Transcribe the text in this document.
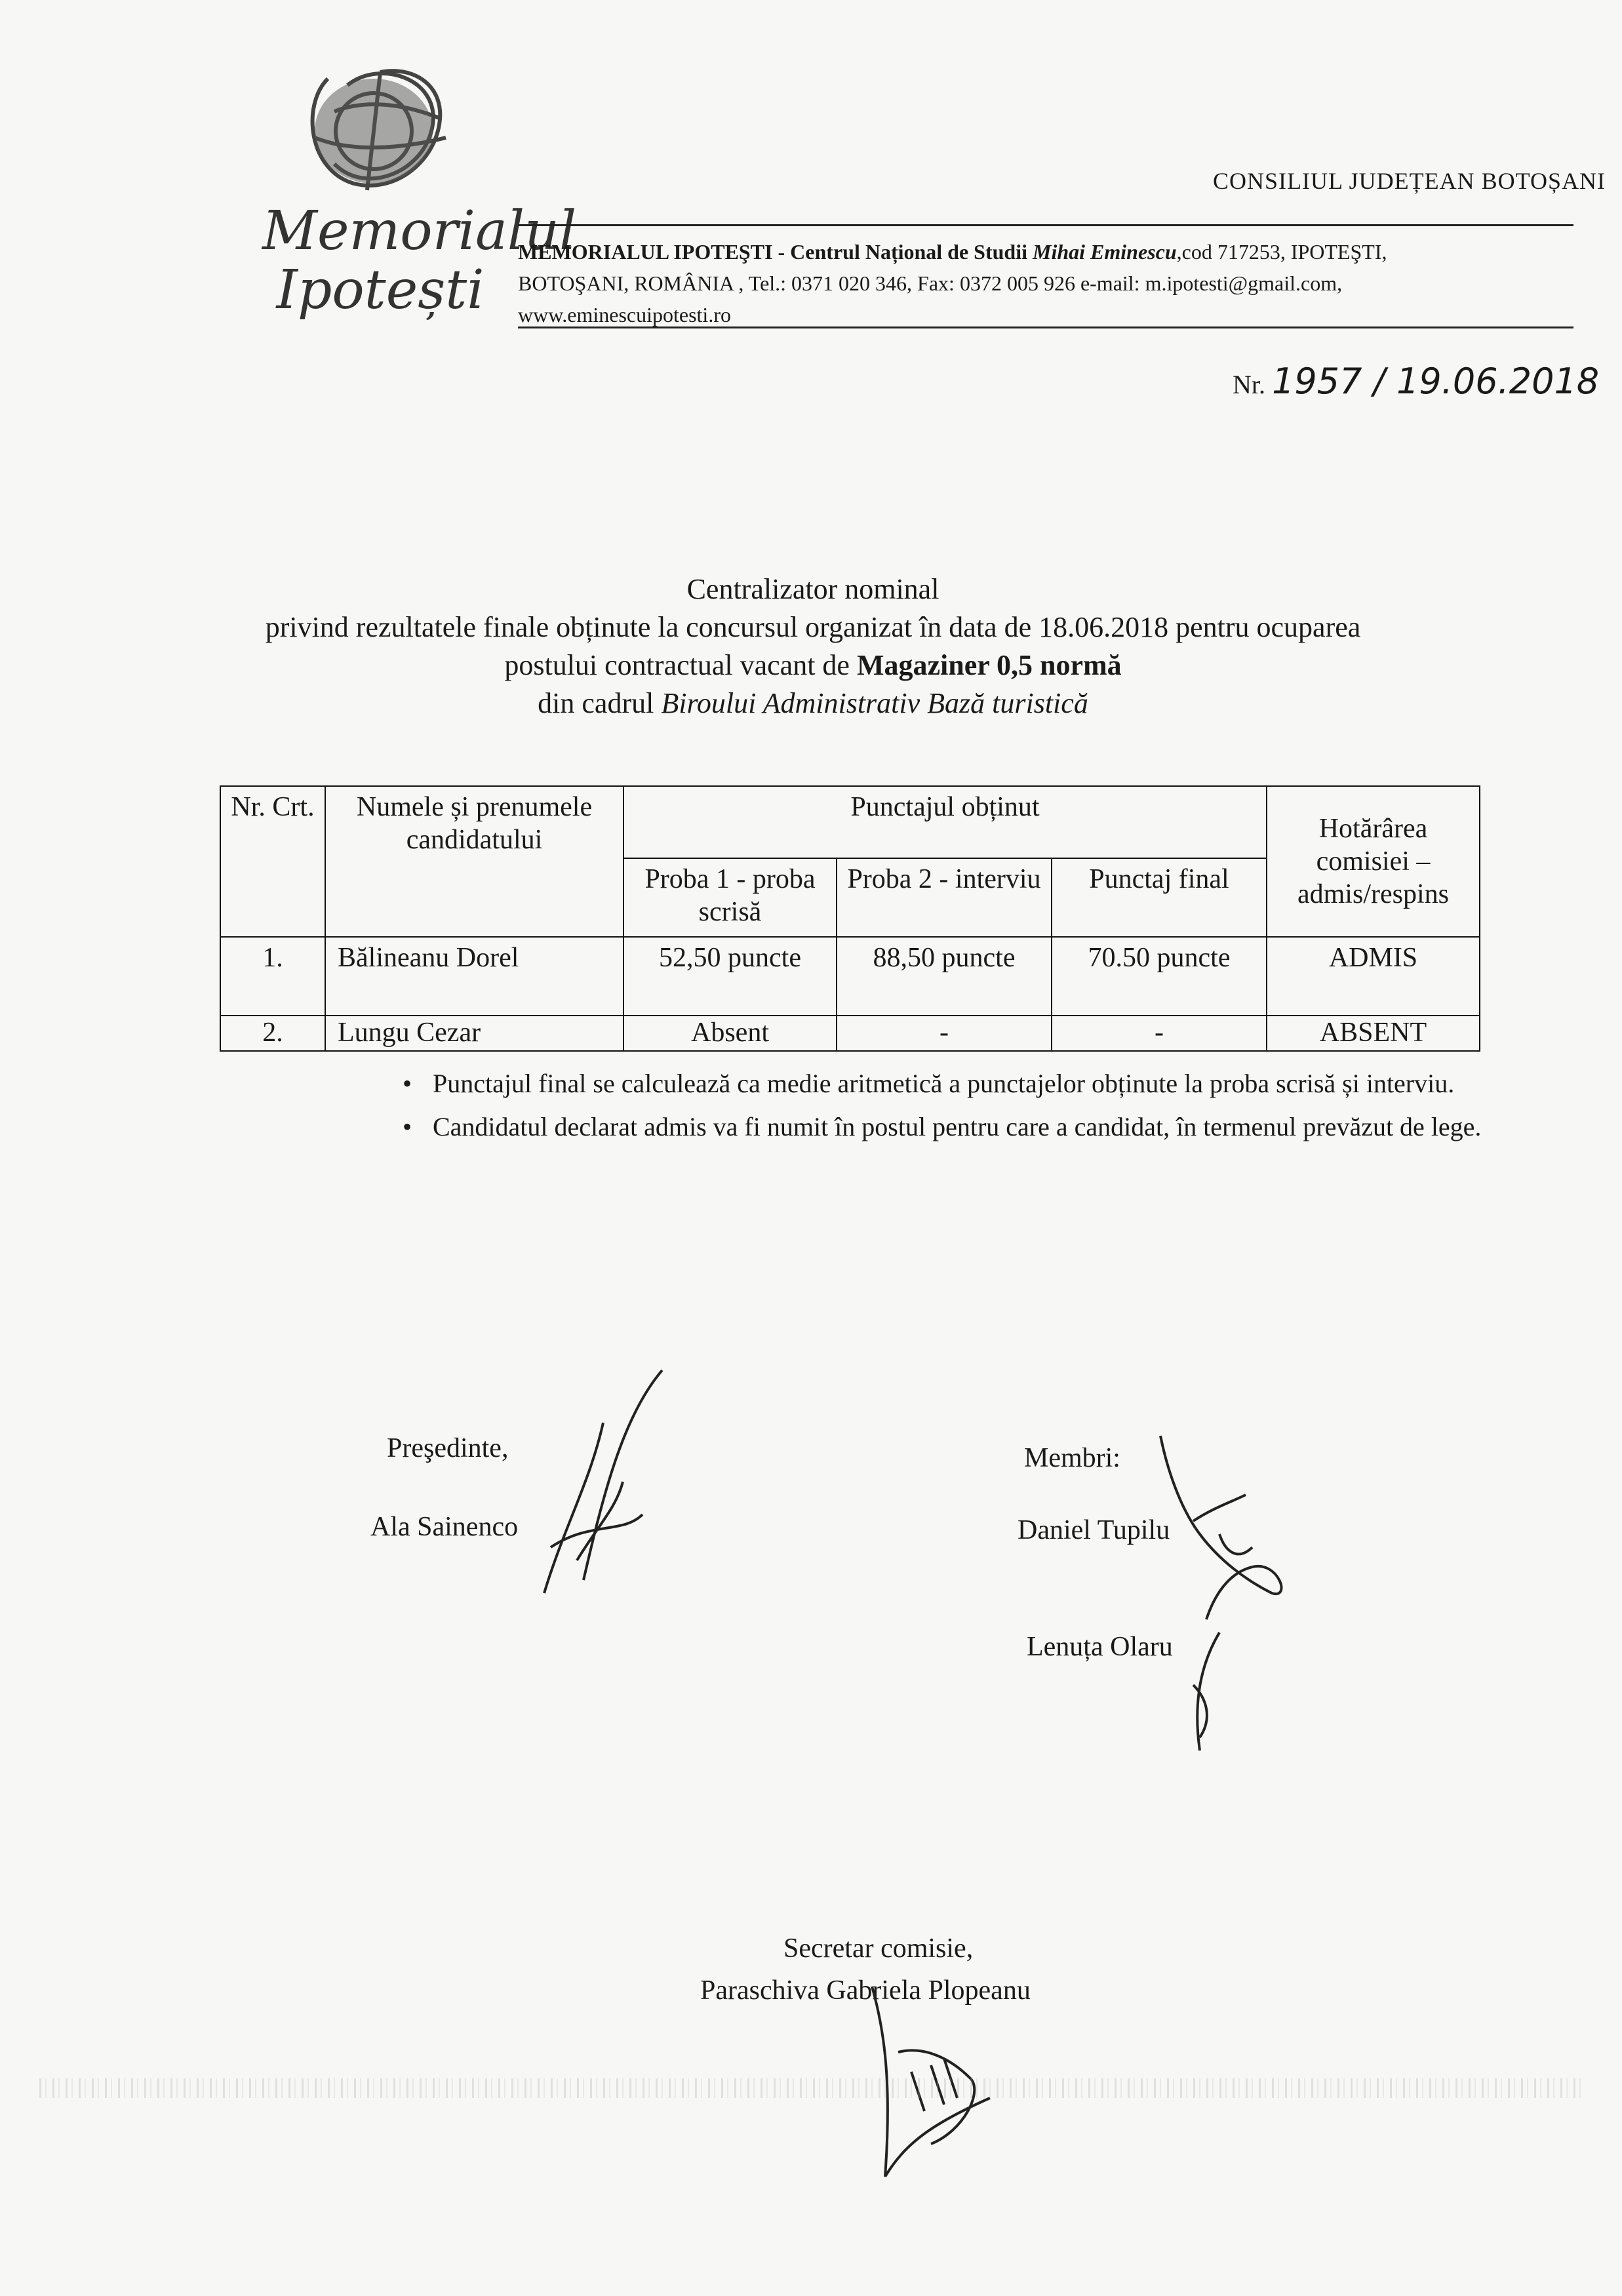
Memorialul
Ipotești
CONSILIUL JUDEȚEAN BOTOȘANI
MEMORIALUL IPOTEŞTI - Centrul Național de Studii Mihai Eminescu,cod 717253, IPOTEŞTI,
BOTOŞANI, ROMÂNIA , Tel.: 0371 020 346, Fax: 0372 005 926 e-mail: m.ipotesti@gmail.com,
www.eminescuipotesti.ro
Nr. 1957 / 19.06.2018
Centralizator nominal
privind rezultatele finale obținute la concursul organizat în data de 18.06.2018 pentru ocuparea
postului contractual vacant de Magaziner 0,5 normă
din cadrul Biroului Administrativ Bază turistică
Nr. Crt.	Numele și prenumele candidatului	Punctajul obținut			Hotărârea comisiei – admis/respins
		Proba 1 - proba scrisă	Proba 2 - interviu	Punctaj final	
1.	Bălineanu Dorel	52,50 puncte	88,50 puncte	70.50 puncte	ADMIS
2.	Lungu Cezar	Absent	-	-	ABSENT
• Punctajul final se calculează ca medie aritmetică a punctajelor obținute la proba scrisă și interviu.
• Candidatul declarat admis va fi numit în postul pentru care a candidat, în termenul prevăzut de lege.
Preşedinte,
Ala Sainenco
Membri:
Daniel Tupilu
Lenuța Olaru
Secretar comisie,
Paraschiva Gabriela Plopeanu
